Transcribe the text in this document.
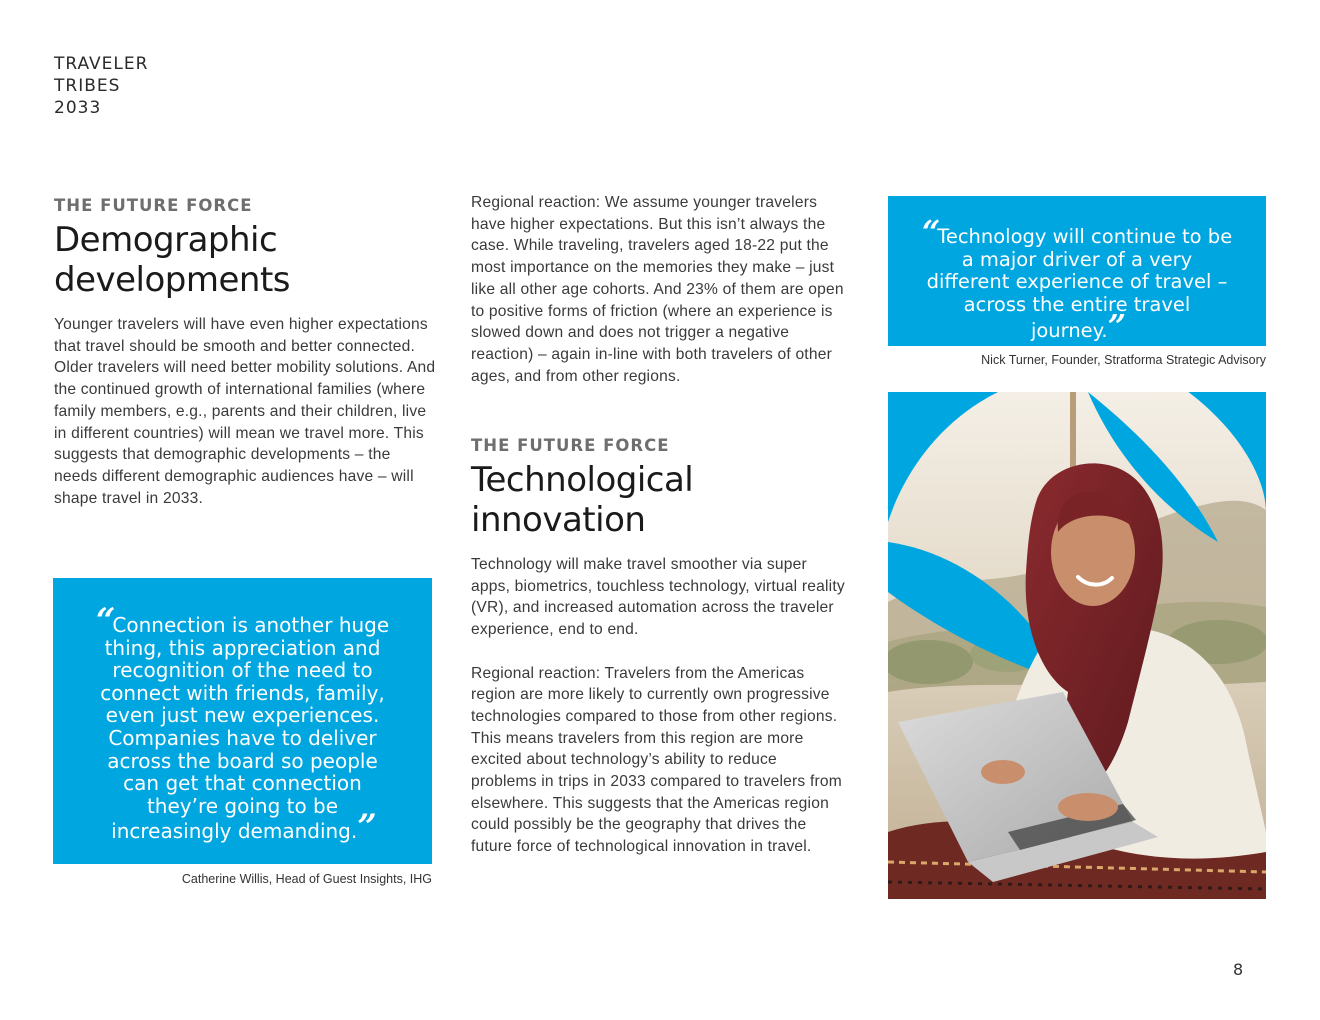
TRAVELER
TRIBES
2033
THE FUTURE FORCE
Demographic
developments

Younger travelers will have even higher expectations that travel should be smooth and better connected. Older travelers will need better mobility solutions. And the continued growth of international families (where family members, e.g., parents and their children, live in different countries) will mean we travel more. This suggests that demographic developments – the needs different demographic audiences have – will shape travel in 2033.

“Connection is another huge thing, this appreciation and recognition of the need to connect with friends, family, even just new experiences. Companies have to deliver across the board so people can get that connection they’re going to be increasingly demanding.”

Catherine Willis, Head of Guest Insights, IHG

Regional reaction: We assume younger travelers have higher expectations. But this isn’t always the case. While traveling, travelers aged 18-22 put the most importance on the memories they make – just like all other age cohorts. And 23% of them are open to positive forms of friction (where an experience is slowed down and does not trigger a negative reaction) – again in-line with both travelers of other ages, and from other regions.

THE FUTURE FORCE
Technological
innovation

Technology will make travel smoother via super apps, biometrics, touchless technology, virtual reality (VR), and increased automation across the traveler experience, end to end.

Regional reaction: Travelers from the Americas region are more likely to currently own progressive technologies compared to those from other regions. This means travelers from this region are more excited about technology’s ability to reduce problems in trips in 2033 compared to travelers from elsewhere. This suggests that the Americas region could possibly be the geography that drives the future force of technological innovation in travel.

“Technology will continue to be a major driver of a very different experience of travel – across the entire travel journey.”

Nick Turner, Founder, Stratforma Strategic Advisory
8
